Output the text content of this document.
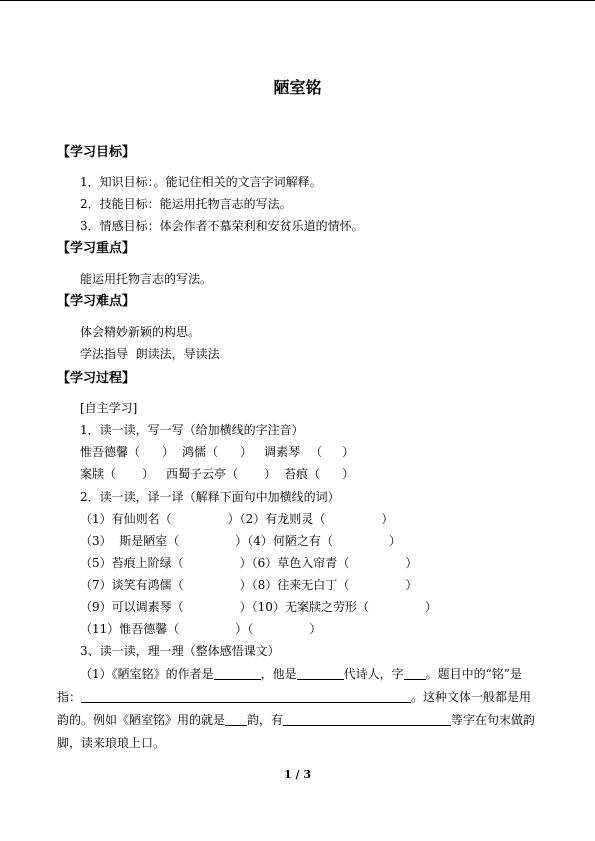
陋室铭
【学习目标】
1．知识目标：。能记住相关的文言字词解释。
2．技能目标：能运用托物言志的写法。
3．情感目标：体会作者不慕荣利和安贫乐道的情怀。
【学习重点】
能运用托物言志的写法。
【学习难点】
体会精妙新颖的构思。
学法指导  朗读法，导读法
【学习过程】
[自主学习]
1．读一读，写一写（给加横线的字注音）
惟吾德馨（ ） 鸿儒（ ） 调素琴 （ ）
案牍（ ） 西蜀子云亭（ ） 苔痕（ ）
2．读一读，译一译（解释下面句中加横线的词）
（1）有仙则名（	）（2）有龙则灵（	）
（3）  斯是陋室（	）（4）何陋之有（	）
（5）苔痕上阶绿（	）（6）草色入帘青（	）
（7）谈笑有鸿儒（	）（8）往来无白丁（	）
（9）可以调素琴（	）（10）无案牍之劳形（	）
（11）惟吾德馨（	）（	）
3、读一读，理一理（整体感悟课文）
（1）《陋室铭》的作者是	，他是	代诗人，字 。题目中的“铭”是
指：	。这种文体一般都是用
韵的。例如《陋室铭》用的就是 韵，有	等字在句末做韵
脚，读来琅琅上口。
1 / 3
